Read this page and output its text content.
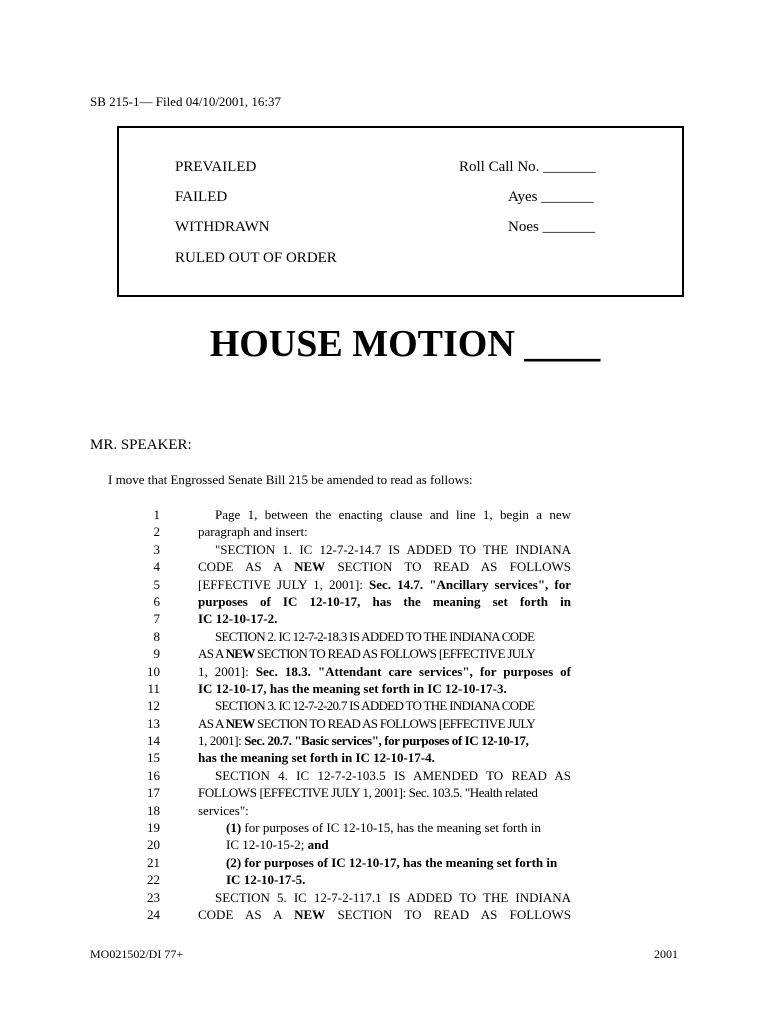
SB 215-1— Filed 04/10/2001, 16:37
PREVAILED
FAILED
WITHDRAWN
RULED OUT OF ORDER
Roll Call No. _______
Ayes _______
Noes _______
HOUSE MOTION ____
MR. SPEAKER:
I move that Engrossed Senate Bill 215 be amended to read as follows:
1
2
3
4
5
6
7
8
9
10
11
12
13
14
15
16
17
18
19
20
21
22
23
24
Page 1, between the enacting clause and line 1, begin a new
paragraph and insert:
"SECTION 1. IC 12-7-2-14.7 IS ADDED TO THE INDIANA
CODE AS A NEW SECTION TO READ AS FOLLOWS
[EFFECTIVE JULY 1, 2001]: Sec. 14.7. "Ancillary services", for
purposes of IC 12-10-17, has the meaning set forth in
IC 12-10-17-2.
SECTION 2. IC 12-7-2-18.3 IS ADDED TO THE INDIANA CODE
AS A NEW SECTION TO READ AS FOLLOWS [EFFECTIVE JULY
1, 2001]: Sec. 18.3. "Attendant care services", for purposes of
IC 12-10-17, has the meaning set forth in IC 12-10-17-3.
SECTION 3. IC 12-7-2-20.7 IS ADDED TO THE INDIANA CODE
AS A NEW SECTION TO READ AS FOLLOWS [EFFECTIVE JULY
1, 2001]: Sec. 20.7. "Basic services", for purposes of IC 12-10-17,
has the meaning set forth in IC 12-10-17-4.
SECTION 4. IC 12-7-2-103.5 IS AMENDED TO READ AS
FOLLOWS [EFFECTIVE JULY 1, 2001]: Sec. 103.5. "Health related
services":
(1) for purposes of IC 12-10-15, has the meaning set forth in
IC 12-10-15-2; and
(2) for purposes of IC 12-10-17, has the meaning set forth in
IC 12-10-17-5.
SECTION 5. IC 12-7-2-117.1 IS ADDED TO THE INDIANA
CODE AS A NEW SECTION TO READ AS FOLLOWS
MO021502/DI 77+	2001
